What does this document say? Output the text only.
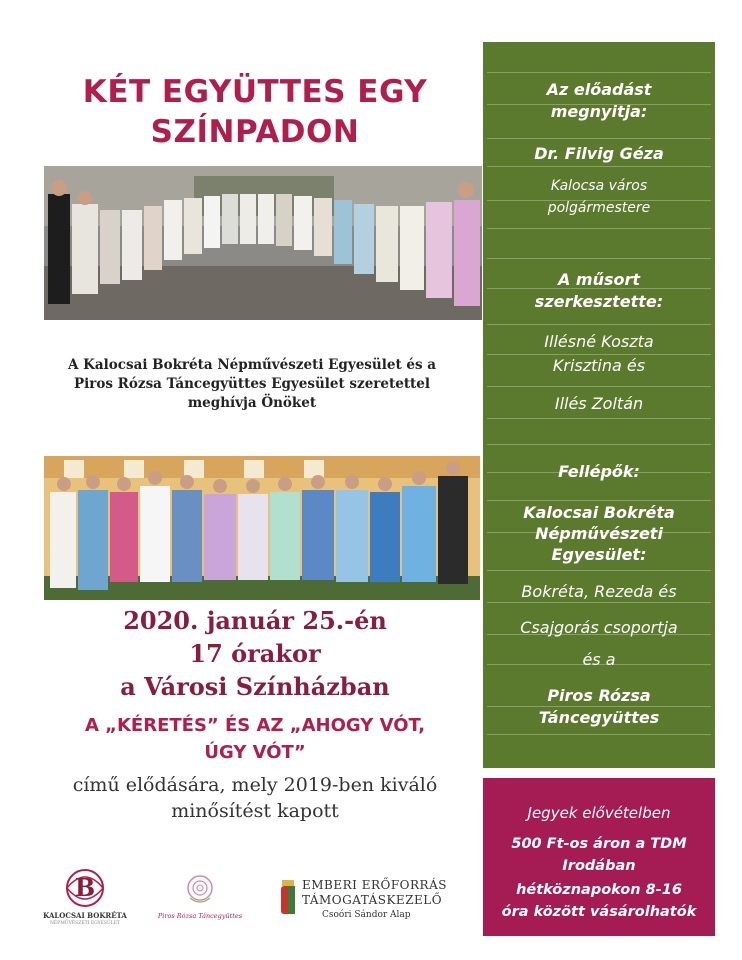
KÉT EGYÜTTES EGY
SZÍNPADON
A Kalocsai Bokréta Népművészeti Egyesület és a
Piros Rózsa Táncegyüttes Egyesület szeretettel
meghívja Önöket
2020. január 25.-én
17 órakor
a Városi Színházban
A „KÉRETÉS” ÉS AZ „AHOGY VÓT,
ÚGY VÓT”
című elődására, mely 2019-ben kiváló
minősítést kapott
B
KALOCSAI BOKRÉTA
NÉPMŰVÉSZETI EGYESÜLET
Piros Rózsa Táncegyüttes
EMBERI ERŐFORRÁS
TÁMOGATÁSKEZELŐ
Csoóri Sándor Alap
Az előadást
megnyitja:
Dr. Filvig Géza
Kalocsa város
polgármestere
A műsort
szerkesztette:
Illésné Koszta
Krisztina és
Illés Zoltán
Fellépők:
Kalocsai Bokréta
Népművészeti
Egyesület:
Bokréta, Rezeda és
Csajgorás csoportja
és a
Piros Rózsa
Táncegyüttes
Jegyek elővételben
500 Ft-os áron a TDM
Irodában
hétköznapokon 8-16
óra között vásárolhatók
